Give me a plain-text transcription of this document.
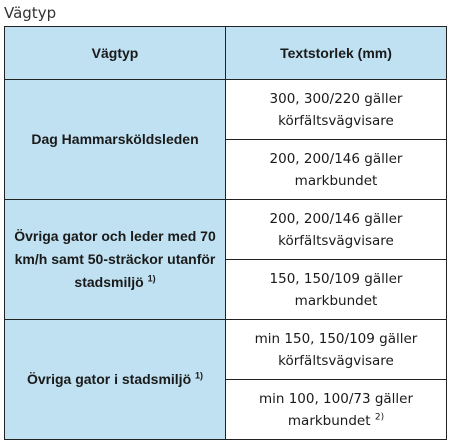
Vägtyp
Vägtyp	Textstorlek (mm)
Dag Hammarsköldsleden	300, 300/220 gäller körfältsvägvisare
	200, 200/146 gäller markbundet
Övriga gator och leder med 70 km/h samt 50-sträckor utanför stadsmiljö $^{1)}$	200, 200/146 gäller körfältsvägvisare
	150, 150/109 gäller markbundet
Övriga gator i stadsmiljö $^{1)}$	min 150, 150/109 gäller körfältsvägvisare
	min 100, 100/73 gäller markbundet $^{2)}$
